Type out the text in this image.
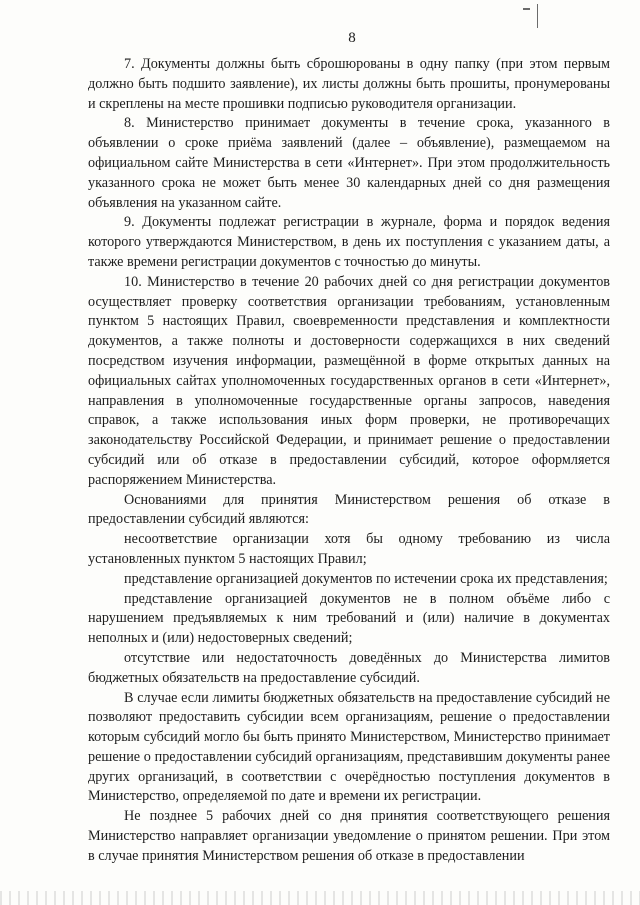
8

7. Документы должны быть сброшюрованы в одну папку (при этом первым должно быть подшито заявление), их листы должны быть прошиты, пронумерованы и скреплены на месте прошивки подписью руководителя организации.

8. Министерство принимает документы в течение срока, указанного в объявлении о сроке приёма заявлений (далее – объявление), размещаемом на официальном сайте Министерства в сети «Интернет». При этом продолжительность указанного срока не может быть менее 30 календарных дней со дня размещения объявления на указанном сайте.

9. Документы подлежат регистрации в журнале, форма и порядок ведения которого утверждаются Министерством, в день их поступления с указанием даты, а также времени регистрации документов с точностью до минуты.

10. Министерство в течение 20 рабочих дней со дня регистрации документов осуществляет проверку соответствия организации требованиям, установленным пунктом 5 настоящих Правил, своевременности представления и комплектности документов, а также полноты и достоверности содержащихся в них сведений посредством изучения информации, размещённой в форме открытых данных на официальных сайтах уполномоченных государственных органов в сети «Интернет», направления в уполномоченные государственные органы запросов, наведения справок, а также использования иных форм проверки, не противоречащих законодательству Российской Федерации, и принимает решение о предоставлении субсидий или об отказе в предоставлении субсидий, которое оформляется распоряжением Министерства.

Основаниями для принятия Министерством решения об отказе в предоставлении субсидий являются:

несоответствие организации хотя бы одному требованию из числа установленных пунктом 5 настоящих Правил;

представление организацией документов по истечении срока их представления;

представление организацией документов не в полном объёме либо с нарушением предъявляемых к ним требований и (или) наличие в документах неполных и (или) недостоверных сведений;

отсутствие или недостаточность доведённых до Министерства лимитов бюджетных обязательств на предоставление субсидий.

В случае если лимиты бюджетных обязательств на предоставление субсидий не позволяют предоставить субсидии всем организациям, решение о предоставлении которым субсидий могло бы быть принято Министерством, Министерство принимает решение о предоставлении субсидий организациям, представившим документы ранее других организаций, в соответствии с очерёдностью поступления документов в Министерство, определяемой по дате и времени их регистрации.

Не позднее 5 рабочих дней со дня принятия соответствующего решения Министерство направляет организации уведомление о принятом решении. При этом в случае принятия Министерством решения об отказе в предоставлении
